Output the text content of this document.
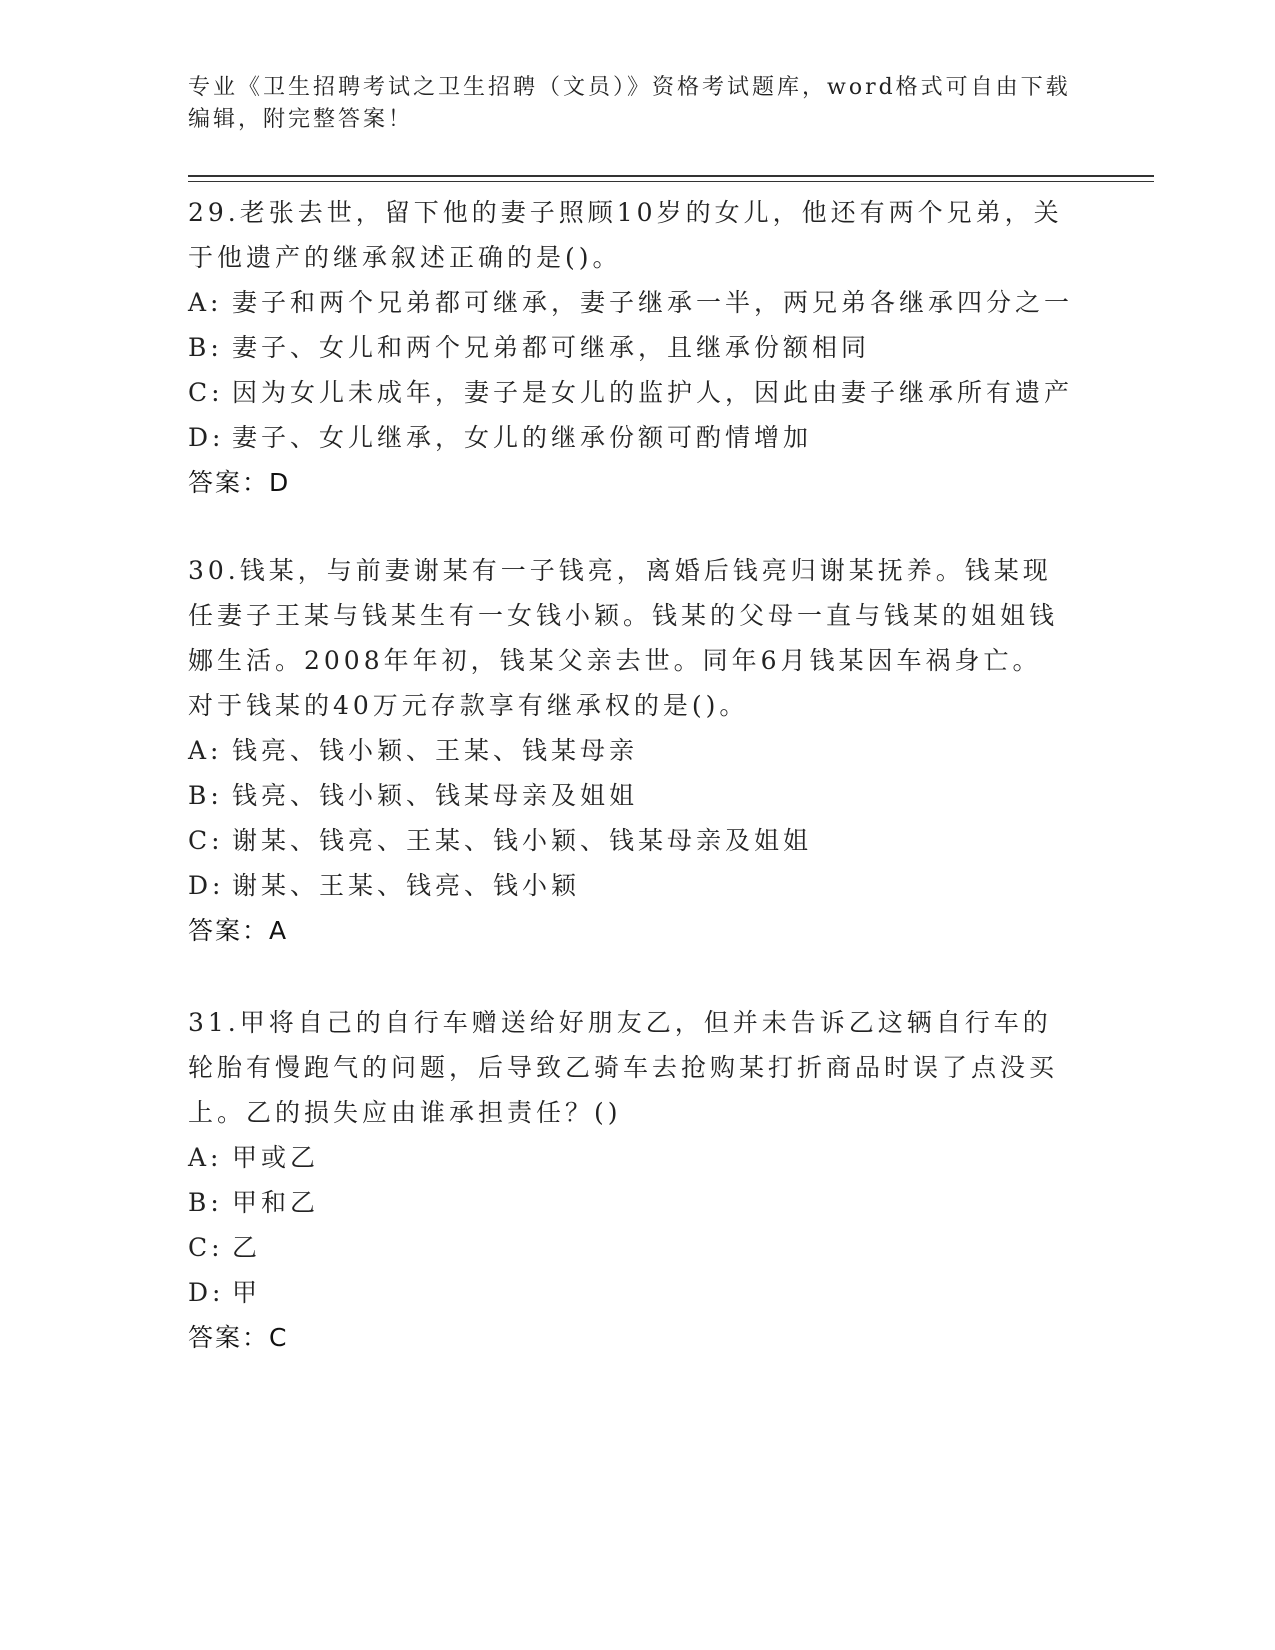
专业《卫生招聘考试之卫生招聘（文员）》资格考试题库，word格式可自由下载编辑，附完整答案！

29.老张去世，留下他的妻子照顾10岁的女儿，他还有两个兄弟，关于他遗产的继承叙述正确的是()。

A: 妻子和两个兄弟都可继承，妻子继承一半，两兄弟各继承四分之一

B: 妻子、女儿和两个兄弟都可继承，且继承份额相同

C: 因为女儿未成年，妻子是女儿的监护人，因此由妻子继承所有遗产

D: 妻子、女儿继承，女儿的继承份额可酌情增加

答案：D

30.钱某，与前妻谢某有一子钱亮，离婚后钱亮归谢某抚养。钱某现任妻子王某与钱某生有一女钱小颖。钱某的父母一直与钱某的姐姐钱娜生活。2008年年初，钱某父亲去世。同年6月钱某因车祸身亡。对于钱某的40万元存款享有继承权的是()。

A: 钱亮、钱小颖、王某、钱某母亲

B: 钱亮、钱小颖、钱某母亲及姐姐

C: 谢某、钱亮、王某、钱小颖、钱某母亲及姐姐

D: 谢某、王某、钱亮、钱小颖

答案：A

31.甲将自己的自行车赠送给好朋友乙，但并未告诉乙这辆自行车的轮胎有慢跑气的问题，后导致乙骑车去抢购某打折商品时误了点没买上。乙的损失应由谁承担责任？()

A: 甲或乙

B: 甲和乙

C: 乙

D: 甲

答案：C
